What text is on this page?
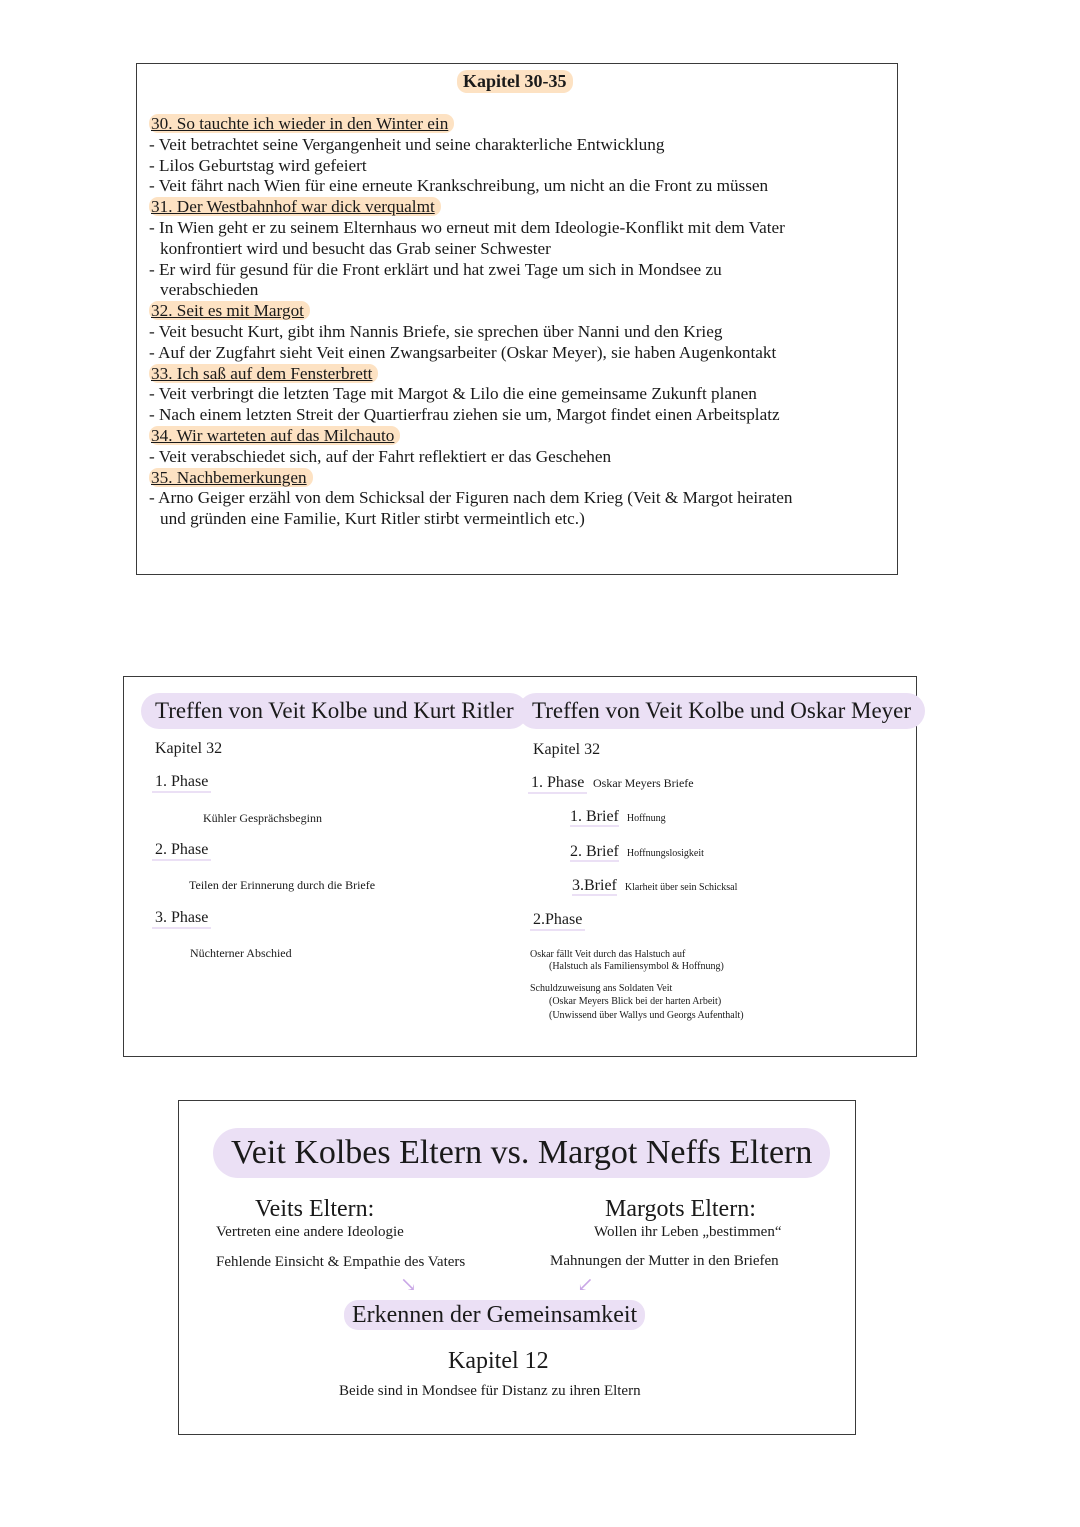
Kapitel 30-35
30. So tauchte ich wieder in den Winter ein
- Veit betrachtet seine Vergangenheit und seine charakterliche Entwicklung
- Lilos Geburtstag wird gefeiert
- Veit fährt nach Wien für eine erneute Krankschreibung, um nicht an die Front zu müssen
31. Der Westbahnhof war dick verqualmt
- In Wien geht er zu seinem Elternhaus wo erneut mit dem Ideologie-Konflikt mit dem Vater
konfrontiert wird und besucht das Grab seiner Schwester
- Er wird für gesund für die Front erklärt und hat zwei Tage um sich in Mondsee zu
verabschieden
32. Seit es mit Margot
- Veit besucht Kurt, gibt ihm Nannis Briefe, sie sprechen über Nanni und den Krieg
- Auf der Zugfahrt sieht Veit einen Zwangsarbeiter (Oskar Meyer), sie haben Augenkontakt
33. Ich saß auf dem Fensterbrett
- Veit verbringt die letzten Tage mit Margot & Lilo die eine gemeinsame Zukunft planen
- Nach einem letzten Streit der Quartierfrau ziehen sie um, Margot findet einen Arbeitsplatz
34. Wir warteten auf das Milchauto
- Veit verabschiedet sich, auf der Fahrt reflektiert er das Geschehen
35. Nachbemerkungen
- Arno Geiger erzähl von dem Schicksal der Figuren nach dem Krieg (Veit & Margot heiraten
und gründen eine Familie, Kurt Ritler stirbt vermeintlich etc.)
Treffen von Veit Kolbe und Kurt Ritler
Kapitel 32
1. Phase
Kühler Gesprächsbeginn
2. Phase
Teilen der Erinnerung durch die Briefe
3. Phase
Nüchterner Abschied
Treffen von Veit Kolbe und Oskar Meyer
Kapitel 32
1. Phase Oskar Meyers Briefe
1. Brief Hoffnung
2. Brief Hoffnungslosigkeit
3.Brief Klarheit über sein Schicksal
2.Phase
Oskar fällt Veit durch das Halstuch auf
(Halstuch als Familiensymbol & Hoffnung)
Schuldzuweisung ans Soldaten Veit
(Oskar Meyers Blick bei der harten Arbeit)
(Unwissend über Wallys und Georgs Aufenthalt)
Veit Kolbes Eltern vs. Margot Neffs Eltern
Veits Eltern:
Vertreten eine andere Ideologie
Fehlende Einsicht & Empathie des Vaters
Margots Eltern:
Wollen ihr Leben „bestimmen“
Mahnungen der Mutter in den Briefen
↘	↙
Erkennen der Gemeinsamkeit
Kapitel 12
Beide sind in Mondsee für Distanz zu ihren Eltern
